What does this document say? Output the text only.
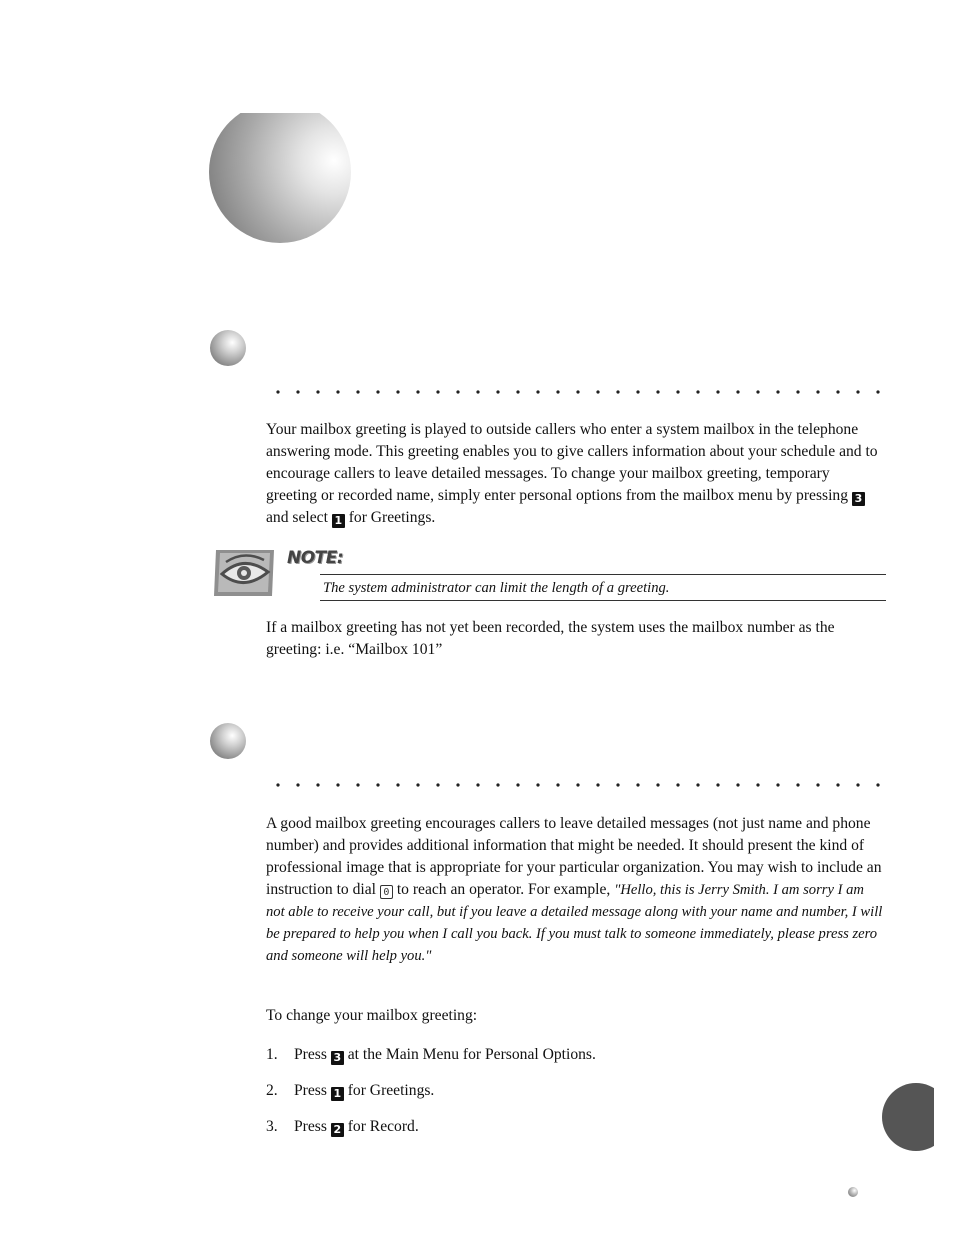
Your mailbox greeting is played to outside callers who enter a system mailbox in the telephone answering mode. This greeting enables you to give callers information about your schedule and to encourage callers to leave detailed messages. To change your mailbox greeting, temporary greeting or recorded name, simply enter personal options from the mailbox menu by pressing 3 and select 1 for Greetings.

NOTE:
The system administrator can limit the length of a greeting.

If a mailbox greeting has not yet been recorded, the system uses the mailbox number as the greeting: i.e. “Mailbox 101”

A good mailbox greeting encourages callers to leave detailed messages (not just name and phone number) and provides additional information that might be needed. It should present the kind of professional image that is appropriate for your particular organization. You may wish to include an instruction to dial 0 to reach an operator. For example, "Hello, this is Jerry Smith. I am sorry I am not able to receive your call, but if you leave a detailed message along with your name and number, I will be prepared to help you when I call you back. If you must talk to someone immediately, please press zero and someone will help you."

To change your mailbox greeting:

1. Press 3 at the Main Menu for Personal Options.
2. Press 1 for Greetings.
3. Press 2 for Record.
